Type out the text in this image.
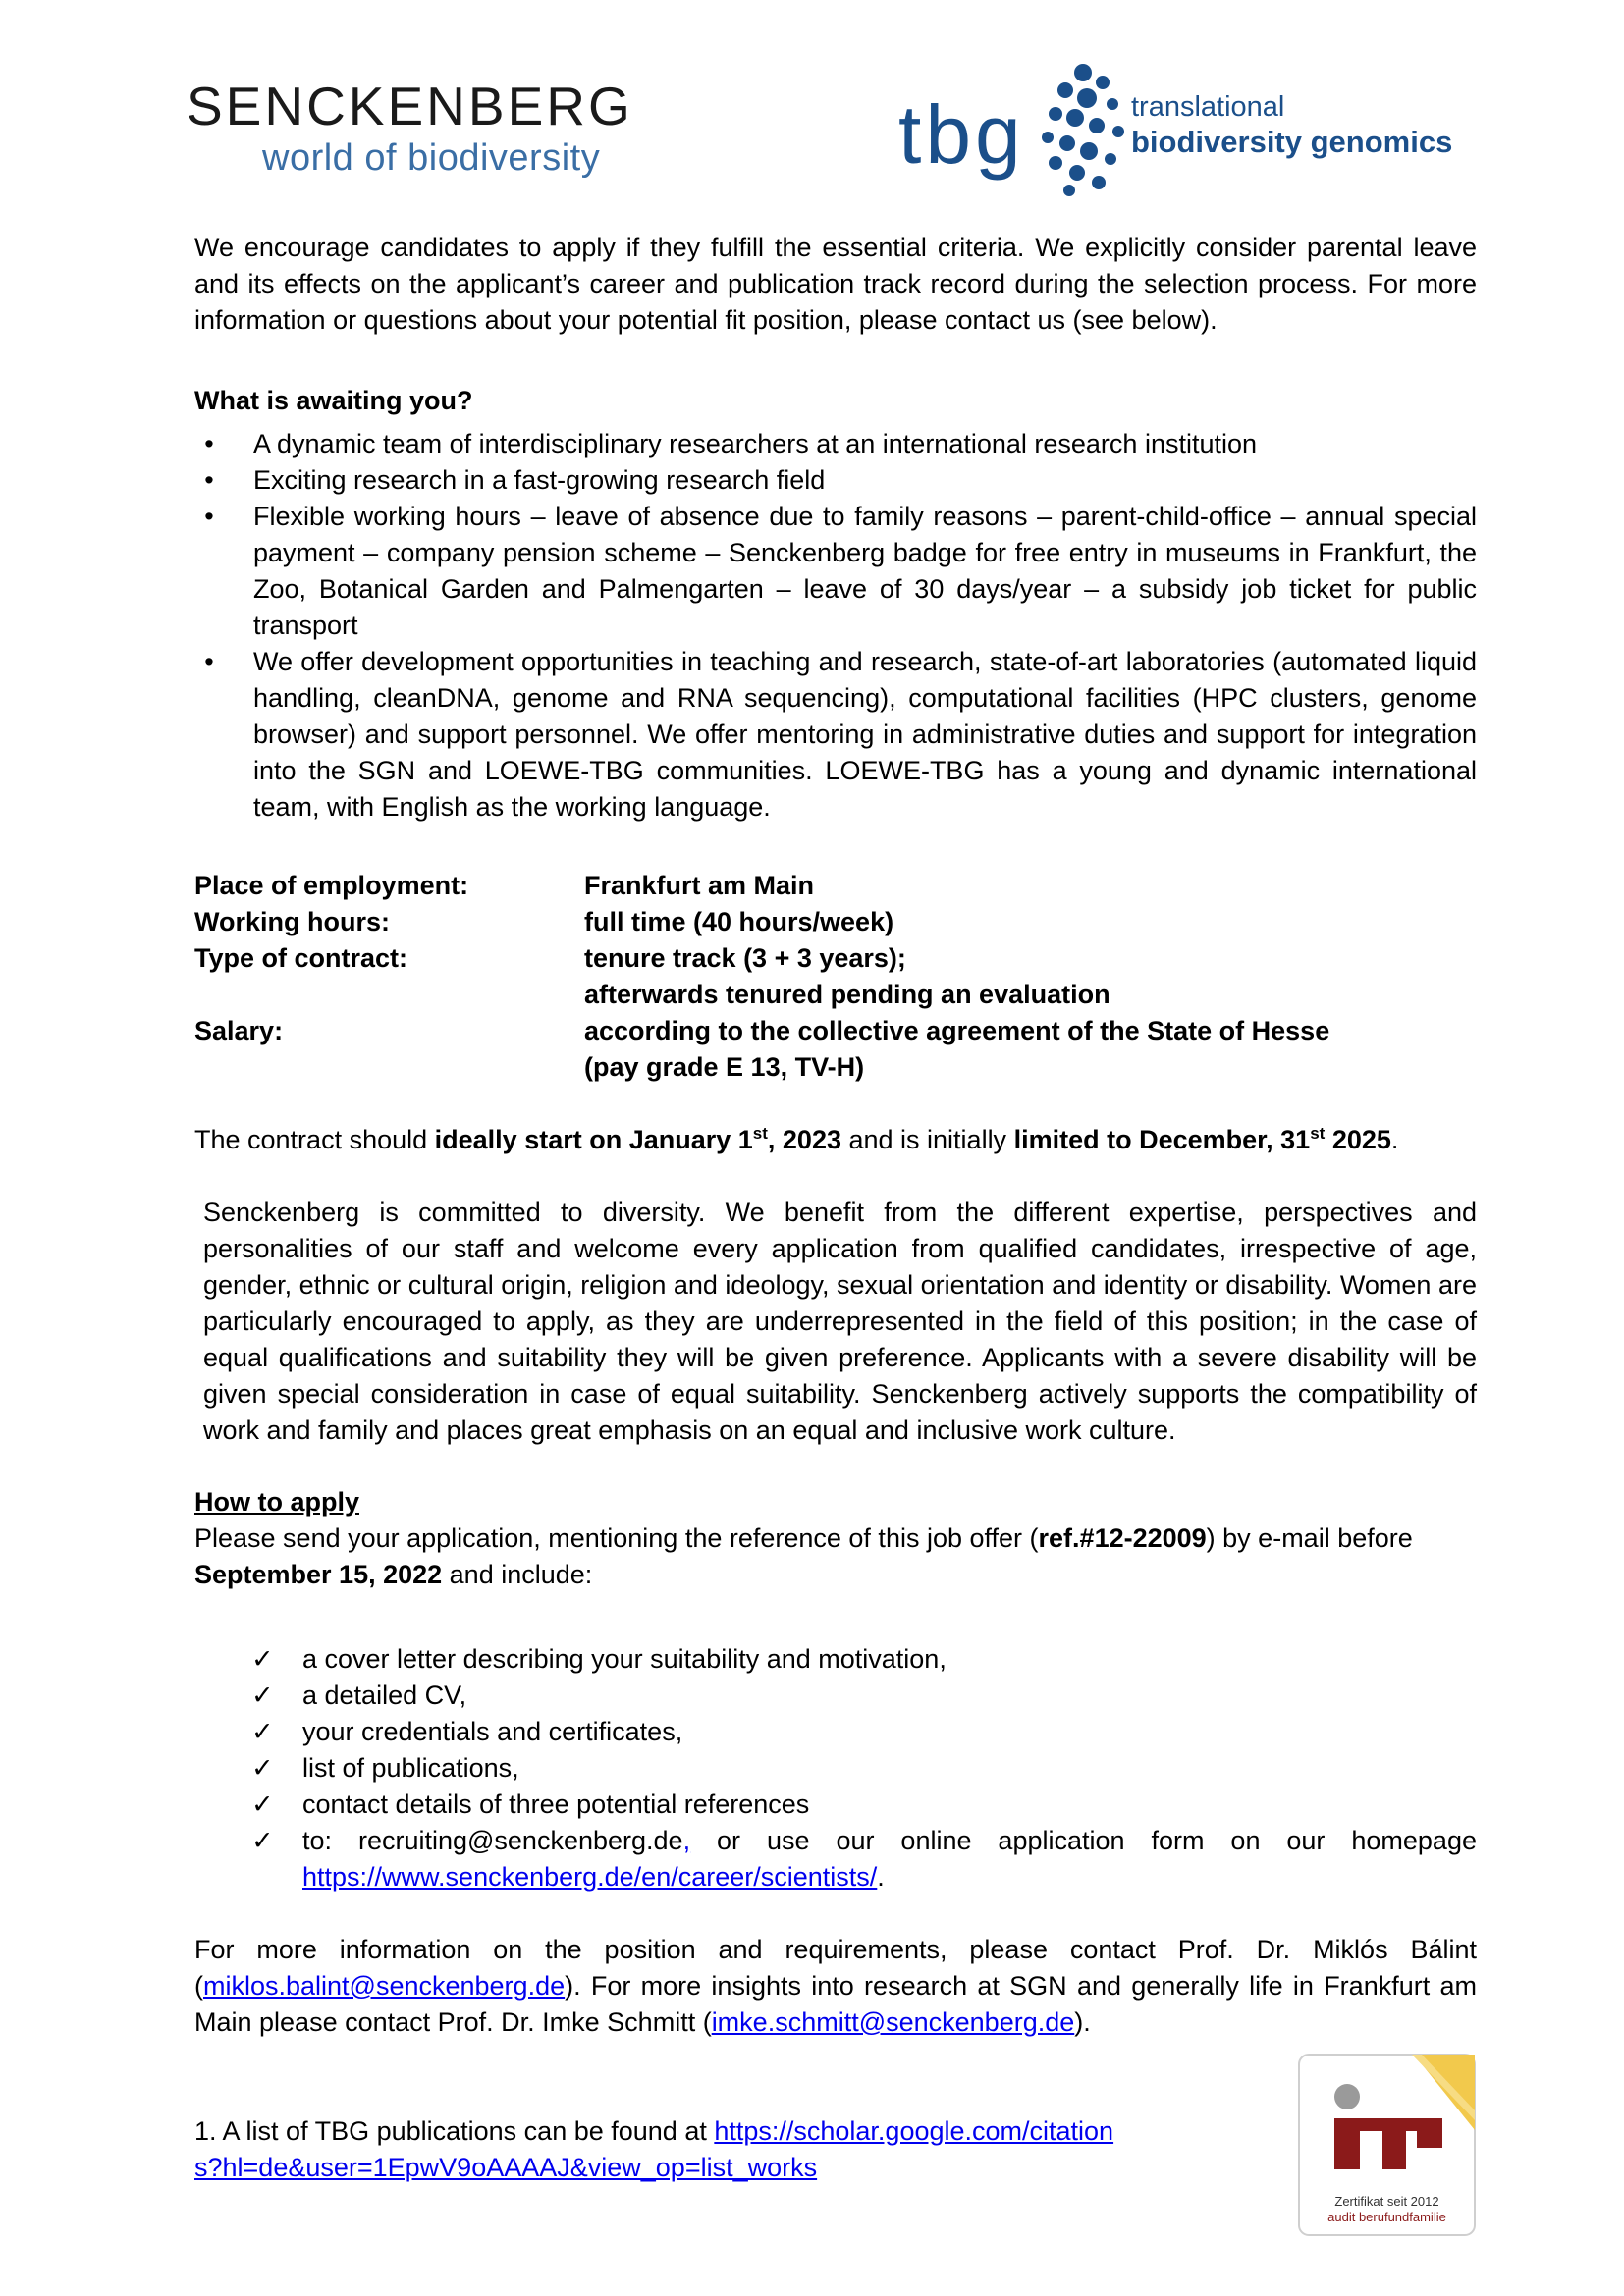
SENCKENBERG
world of biodiversity	tbg	translational
biodiversity genomics

We encourage candidates to apply if they fulfill the essential criteria. We explicitly consider parental leave and its effects on the applicant’s career and publication track record during the selection process. For more information or questions about your potential fit position, please contact us (see below).

What is awaiting you?

•	A dynamic team of interdisciplinary researchers at an international research institution
•	Exciting research in a fast-growing research field
•	Flexible working hours – leave of absence due to family reasons – parent-child-office – annual special payment – company pension scheme – Senckenberg badge for free entry in museums in Frankfurt, the Zoo, Botanical Garden and Palmengarten – leave of 30 days/year – a subsidy job ticket for public transport
•	We offer development opportunities in teaching and research, state-of-art laboratories (automated liquid handling, cleanDNA, genome and RNA sequencing), computational facilities (HPC clusters, genome browser) and support personnel. We offer mentoring in administrative duties and support for integration into the SGN and LOEWE-TBG communities. LOEWE-TBG has a young and dynamic international team, with English as the working language.
Place of employment:	Frankfurt am Main
Working hours:	full time (40 hours/week)
Type of contract:	tenure track (3 + 3 years);
afterwards tenured pending an evaluation
Salary:	according to the collective agreement of the State of Hesse
(pay grade E 13, TV-H)

The contract should ideally start on January 1st, 2023 and is initially limited to December, 31st 2025.

Senckenberg is committed to diversity. We benefit from the different expertise, perspectives and personalities of our staff and welcome every application from qualified candidates, irrespective of age, gender, ethnic or cultural origin, religion and ideology, sexual orientation and identity or disability. Women are particularly encouraged to apply, as they are underrepresented in the field of this position; in the case of equal qualifications and suitability they will be given preference. Applicants with a severe disability will be given special consideration in case of equal suitability. Senckenberg actively supports the compatibility of work and family and places great emphasis on an equal and inclusive work culture.

How to apply

Please send your application, mentioning the reference of this job offer (ref.#12-22009) by e-mail before September 15, 2022 and include:

✓ a cover letter describing your suitability and motivation,
✓ a detailed CV,
✓ your credentials and certificates,
✓ list of publications,
✓ contact details of three potential references
✓ to: recruiting@senckenberg.de, or use our online application form on our homepage https://www.senckenberg.de/en/career/scientists/.

For more information on the position and requirements, please contact Prof. Dr. Miklós Bálint (miklos.balint@senckenberg.de). For more insights into research at SGN and generally life in Frankfurt am Main please contact Prof. Dr. Imke Schmitt (imke.schmitt@senckenberg.de).

1. A list of TBG publications can be found at https://scholar.google.com/citations?hl=de&user=1EpwV9oAAAAJ&view_op=list_works

Zertifikat seit 2012
audit berufundfamilie
